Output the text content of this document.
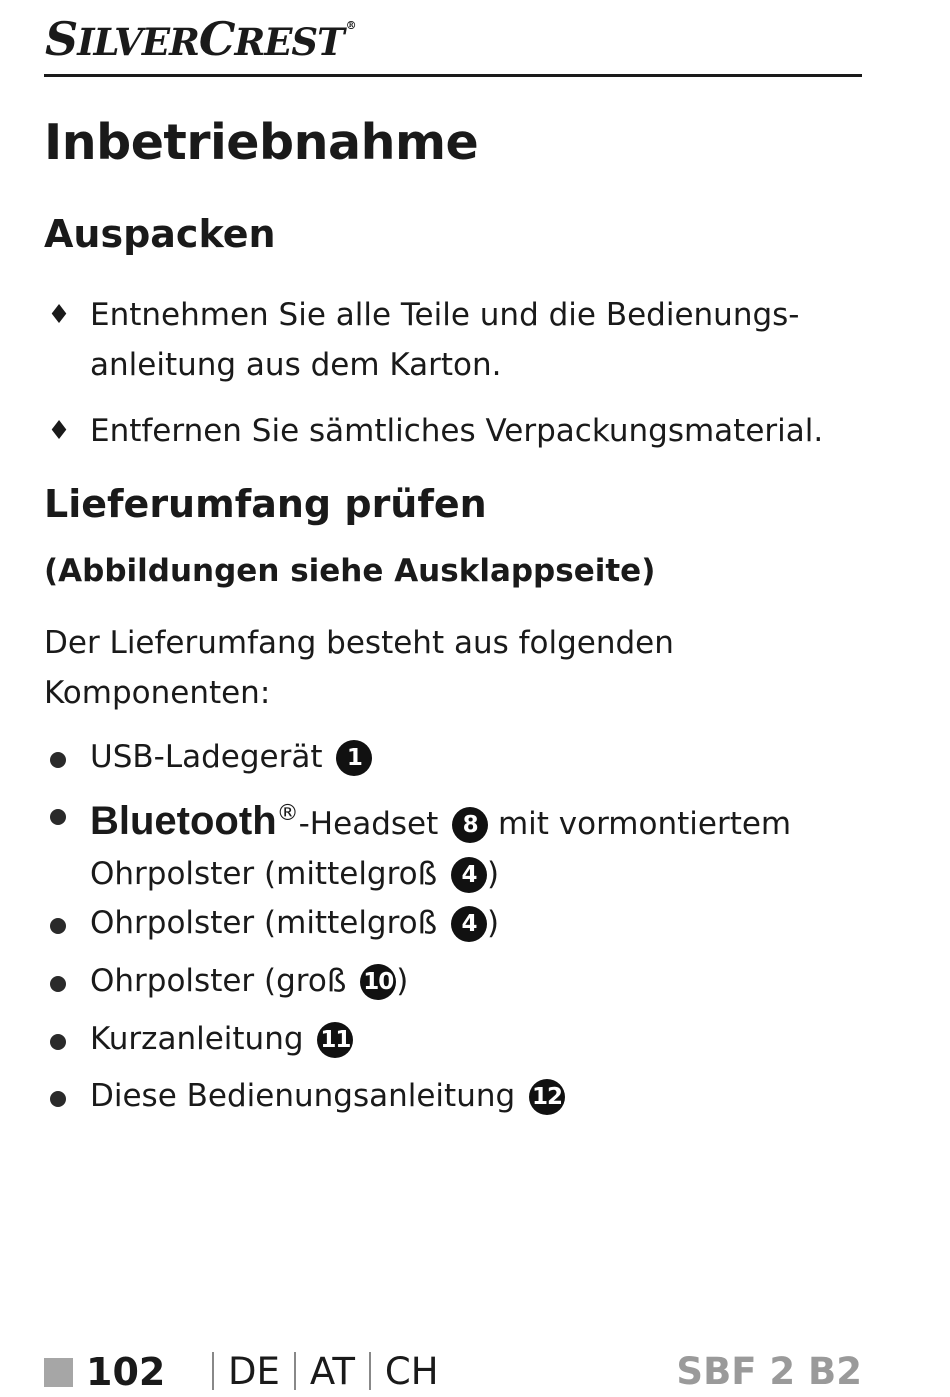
SILVERCREST ®
Inbetriebnahme
Auspacken
♦ Entnehmen Sie alle Teile und die Bedienungs-
anleitung aus dem Karton.
♦ Entfernen Sie sämtliches Verpackungsmaterial.
Lieferumfang prüfen
(Abbildungen siehe Ausklappseite)

Der Lieferumfang besteht aus folgenden
Komponenten:

USB-Ladegerät 1
Bluetooth®-Headset 8 mit vormontiertem
Ohrpolster (mittelgroß 4 )
Ohrpolster (mittelgroß 4 )
Ohrpolster (groß 10)
Kurzanleitung 11
Diese Bedienungsanleitung 12
102	DE AT CH	SBF 2 B2
